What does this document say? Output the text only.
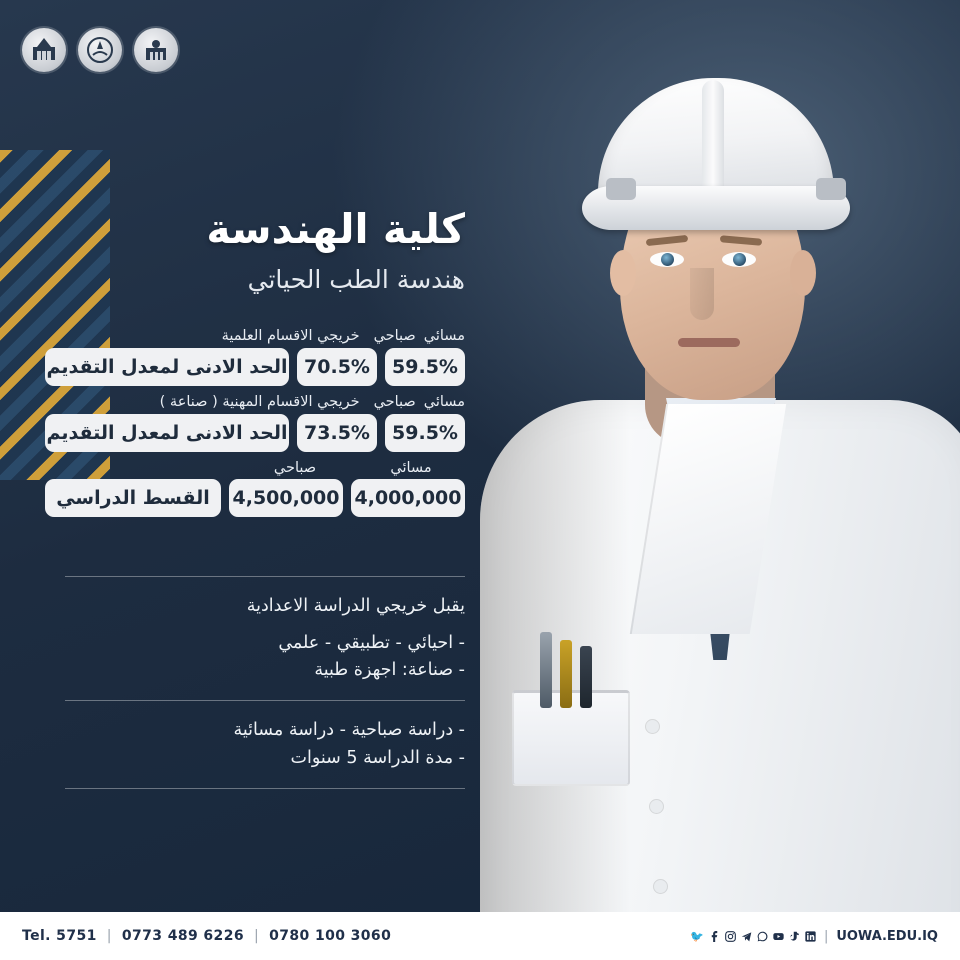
كلية الهندسة
هندسة الطب الحياتي
مسائي
صباحي
خريجي الاقسام العلمية
59.5%
70.5%
الحد الادنى لمعدل التقديم
مسائي
صباحي
خريجي الاقسام المهنية ( صناعة )
59.5%
73.5%
الحد الادنى لمعدل التقديم
مسائي
صباحي
4,000,000
4,500,000
القسط الدراسي
يقبل خريجي الدراسة الاعدادية
- احيائي - تطبيقي - علمي
- صناعة: اجهزة طبية
- دراسة صباحية - دراسة مسائية
- مدة الدراسة 5 سنوات
Tel. 5751 | 0773 489 6226 | 0780 100 3060	🐦	| UOWA.EDU.IQ
